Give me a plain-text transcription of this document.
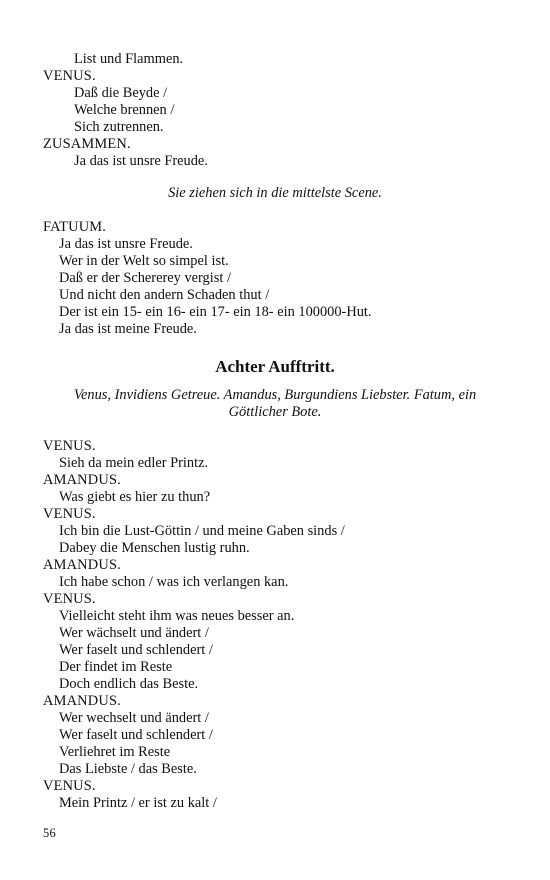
List und Flammen.
VENUS.
Daß die Beyde /
Welche brennen /
Sich zutrennen.
ZUSAMMEN.
Ja das ist unsre Freude.
Sie ziehen sich in die mittelste Scene.
FATUUM.
Ja das ist unsre Freude.
Wer in der Welt so simpel ist.
Daß er der Schererey vergist /
Und nicht den andern Schaden thut /
Der ist ein 15- ein 16- ein 17- ein 18- ein 100000-Hut.
Ja das ist meine Freude.
Achter Aufftritt.
Venus, Invidiens Getreue. Amandus, Burgundiens Liebster. Fatum, ein
Göttlicher Bote.
VENUS.
Sieh da mein edler Printz.
AMANDUS.
Was giebt es hier zu thun?
VENUS.
Ich bin die Lust-Göttin / und meine Gaben sinds /
Dabey die Menschen lustig ruhn.
AMANDUS.
Ich habe schon / was ich verlangen kan.
VENUS.
Vielleicht steht ihm was neues besser an.
Wer wächselt und ändert /
Wer faselt und schlendert /
Der findet im Reste
Doch endlich das Beste.
AMANDUS.
Wer wechselt und ändert /
Wer faselt und schlendert /
Verliehret im Reste
Das Liebste / das Beste.
VENUS.
Mein Printz / er ist zu kalt /
56
